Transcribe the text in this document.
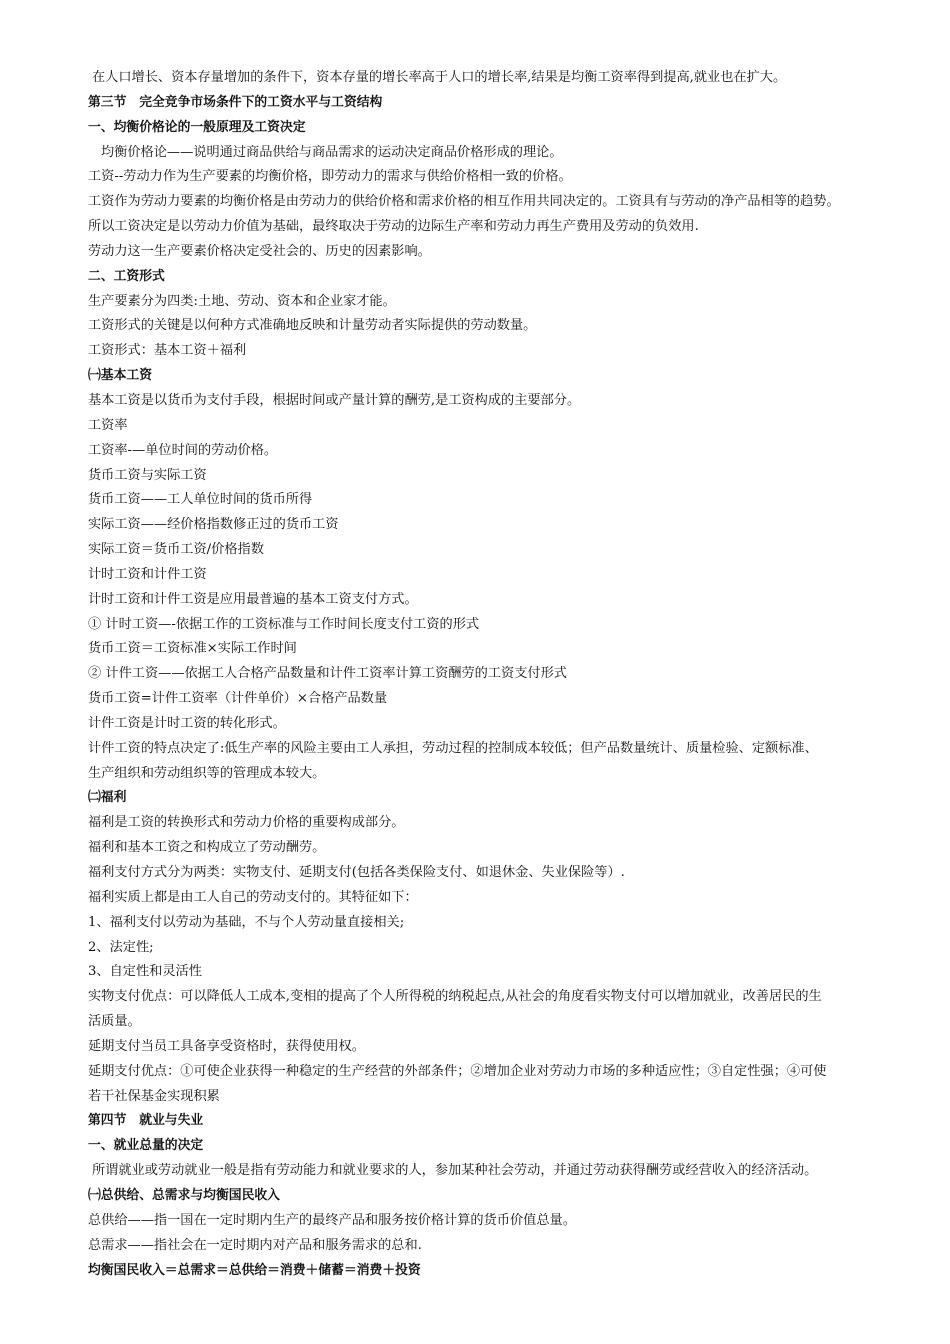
在人口增长、资本存量增加的条件下，资本存量的增长率高于人口的增长率,结果是均衡工资率得到提高,就业也在扩大。

第三节　完全竞争市场条件下的工资水平与工资结构

一、均衡价格论的一般原理及工资决定

均衡价格论——说明通过商品供给与商品需求的运动决定商品价格形成的理论。

工资--劳动力作为生产要素的均衡价格，即劳动力的需求与供给价格相一致的价格。

工资作为劳动力要素的均衡价格是由劳动力的供给价格和需求价格的相互作用共同决定的。工资具有与劳动的净产品相等的趋势。

所以工资决定是以劳动力价值为基础，最终取决于劳动的边际生产率和劳动力再生产费用及劳动的负效用.

劳动力这一生产要素价格决定受社会的、历史的因素影响。

二、工资形式

生产要素分为四类:土地、劳动、资本和企业家才能。

工资形式的关键是以何种方式准确地反映和计量劳动者实际提供的劳动数量。

工资形式：基本工资＋福利

㈠基本工资

基本工资是以货币为支付手段，根据时间或产量计算的酬劳,是工资构成的主要部分。

工资率

工资率-—单位时间的劳动价格。

货币工资与实际工资

货币工资——工人单位时间的货币所得

实际工资——经价格指数修正过的货币工资

实际工资＝货币工资/价格指数

计时工资和计件工资

计时工资和计件工资是应用最普遍的基本工资支付方式。

① 计时工资—-依据工作的工资标准与工作时间长度支付工资的形式

货币工资＝工资标准×实际工作时间

② 计件工资——依据工人合格产品数量和计件工资率计算工资酬劳的工资支付形式

货币工资=计件工资率（计件单价）×合格产品数量

计件工资是计时工资的转化形式。

计件工资的特点决定了:低生产率的风险主要由工人承担，劳动过程的控制成本较低；但产品数量统计、质量检验、定额标准、

生产组织和劳动组织等的管理成本较大。

㈡福利

福利是工资的转换形式和劳动力价格的重要构成部分。

福利和基本工资之和构成立了劳动酬劳。

福利支付方式分为两类：实物支付、延期支付(包括各类保险支付、如退休金、失业保险等）.

福利实质上都是由工人自己的劳动支付的。其特征如下：

1、福利支付以劳动为基础，不与个人劳动量直接相关;

2、法定性;

3、自定性和灵活性

实物支付优点：可以降低人工成本,变相的提高了个人所得税的纳税起点,从社会的角度看实物支付可以增加就业，改善居民的生

活质量。

延期支付当员工具备享受资格时，获得使用权。

延期支付优点：①可使企业获得一种稳定的生产经营的外部条件；②增加企业对劳动力市场的多种适应性；③自定性强；④可使

若干社保基金实现积累

第四节　就业与失业

一、就业总量的决定

所谓就业或劳动就业一般是指有劳动能力和就业要求的人，参加某种社会劳动，并通过劳动获得酬劳或经营收入的经济活动。

㈠总供给、总需求与均衡国民收入

总供给——指一国在一定时期内生产的最终产品和服务按价格计算的货币价值总量。

总需求——指社会在一定时期内对产品和服务需求的总和.

均衡国民收入＝总需求＝总供给＝消费＋储蓄＝消费＋投资
